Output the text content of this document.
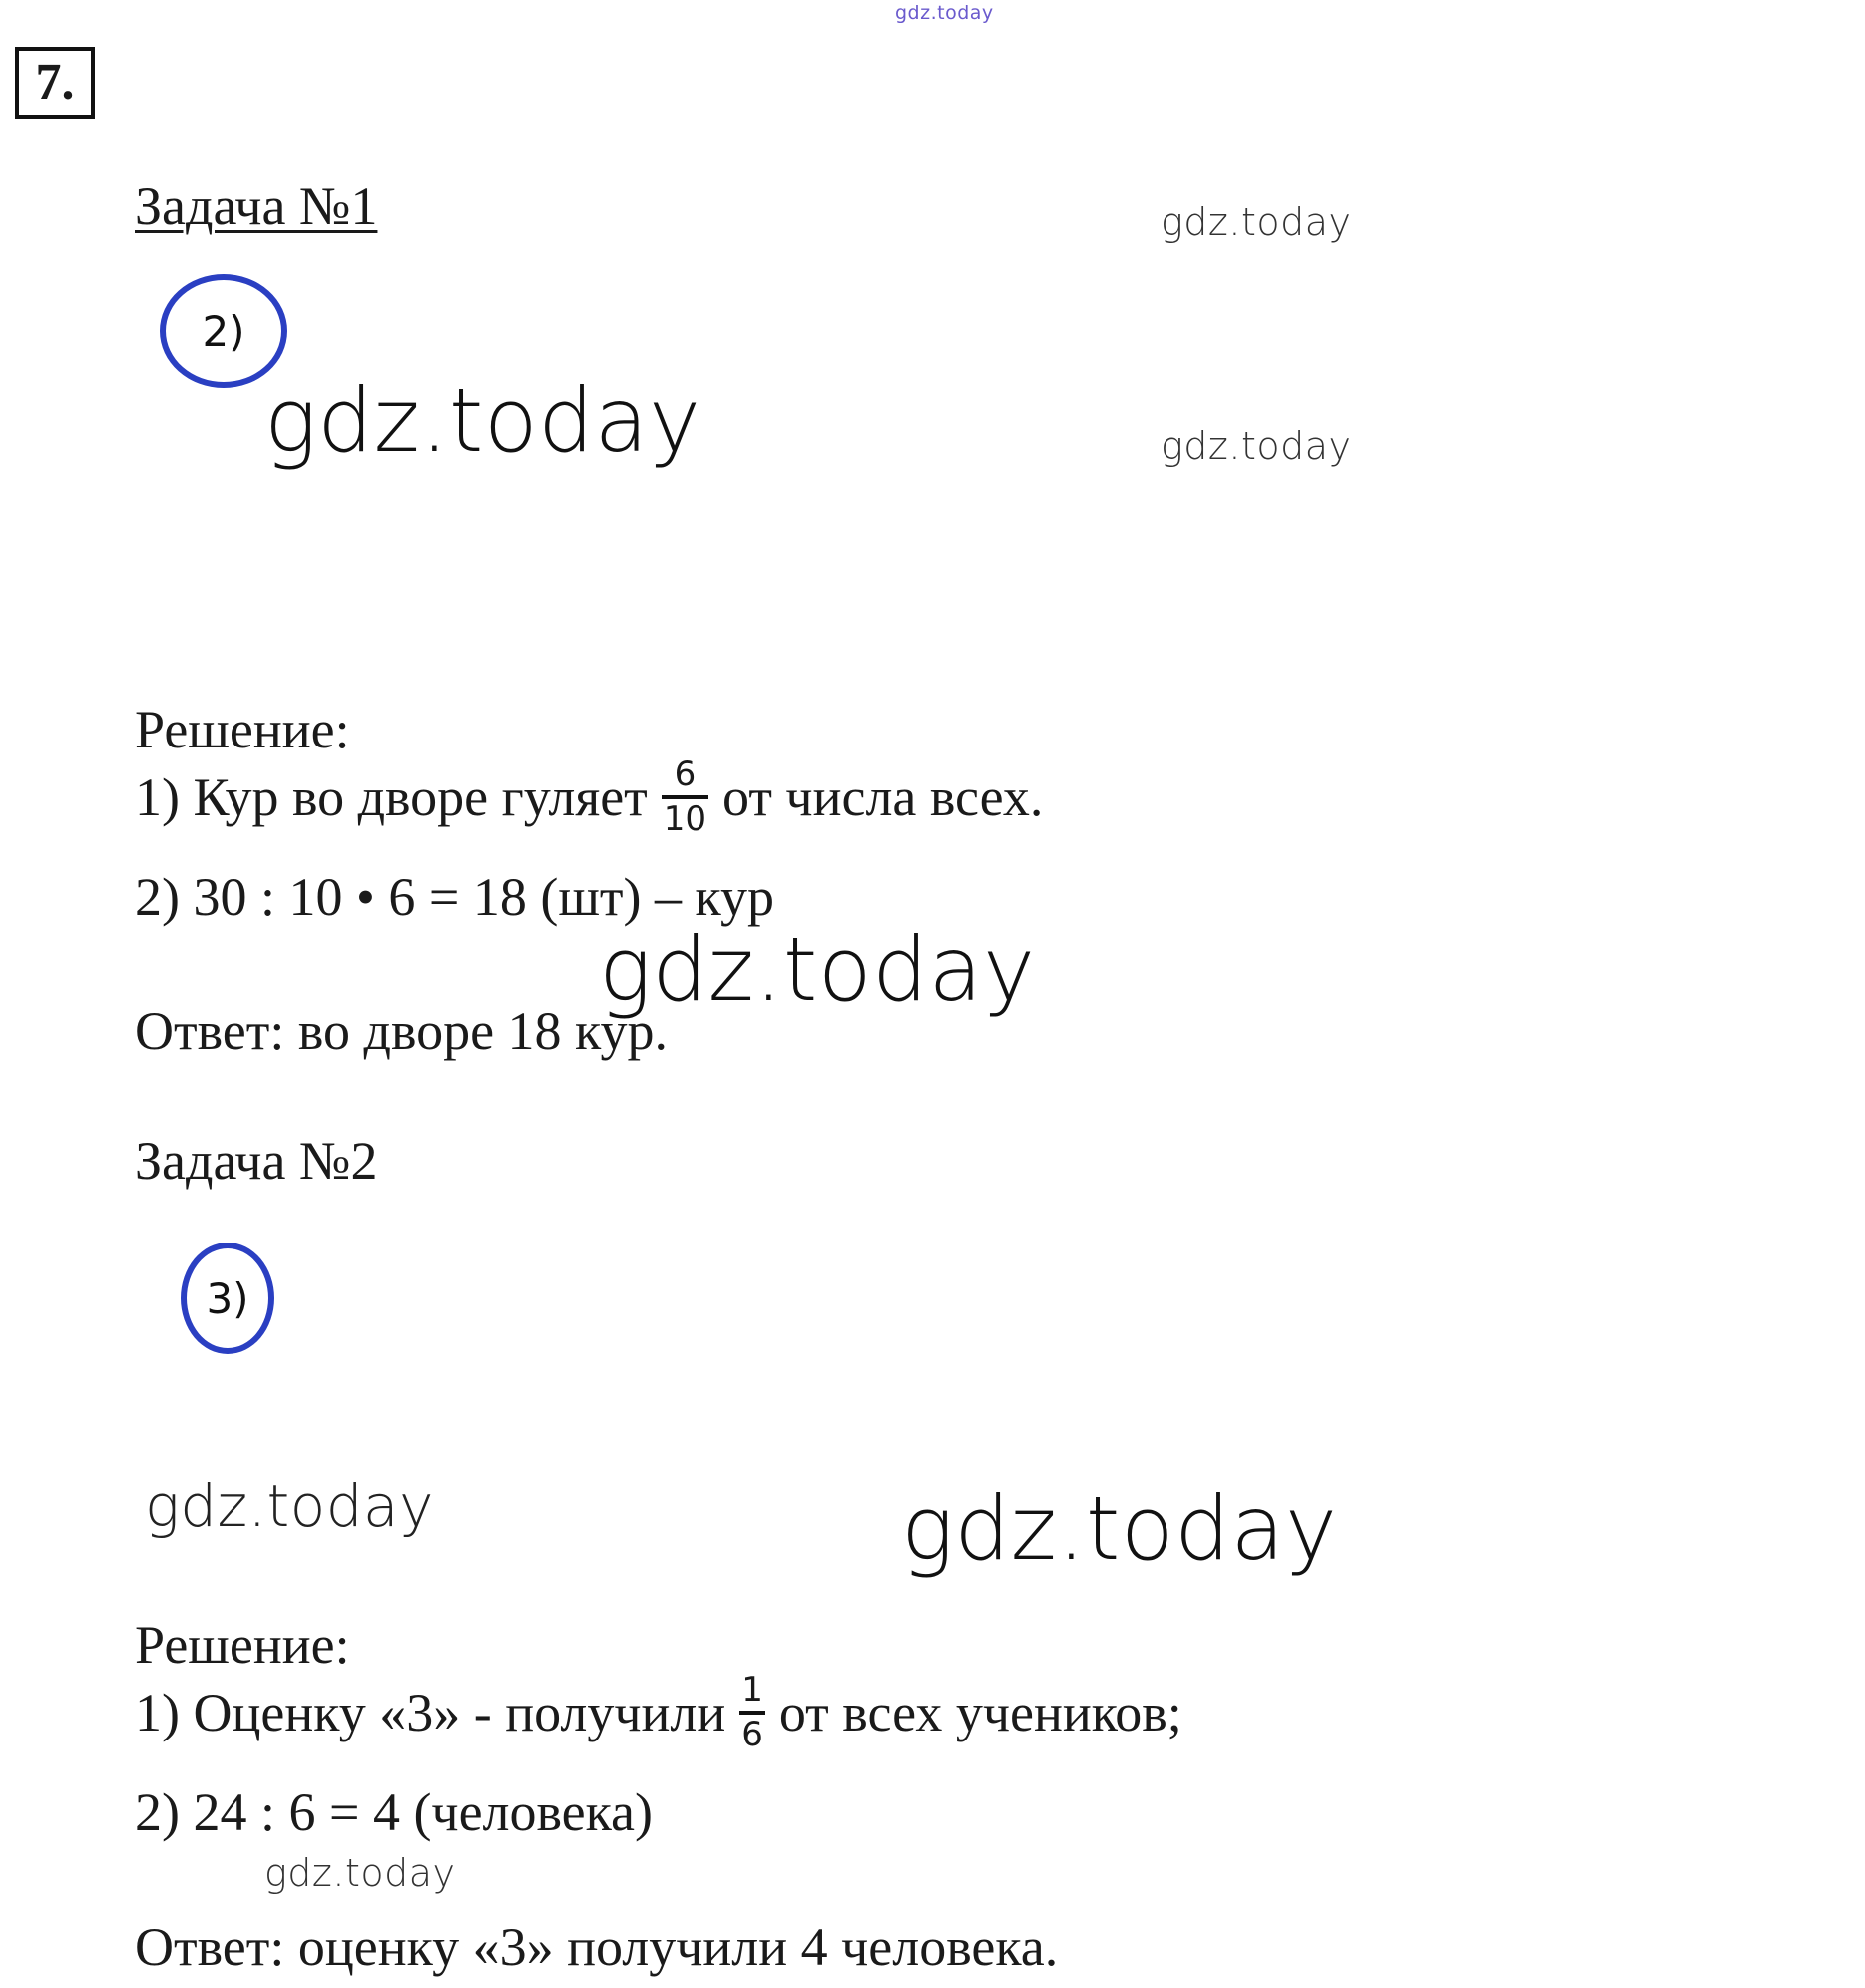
gdz.today
7.
Задача №1	gdz.today
2)
gdz.today	gdz.today
Решение:
1) Кур во дворе гуляет $\frac{6}{10}$ от числа всех.
2) 30 : 10 • 6 = 18 (шт) – кур
gdz.today
Ответ: во дворе 18 кур.
Задача №2
3)
gdz.today	gdz.today
Решение:
1) Оценку «3» - получили $\frac{1}{6}$ от всех учеников;
2) 24 : 6 = 4 (человека)
gdz.today
Ответ: оценку «3» получили 4 человека.
